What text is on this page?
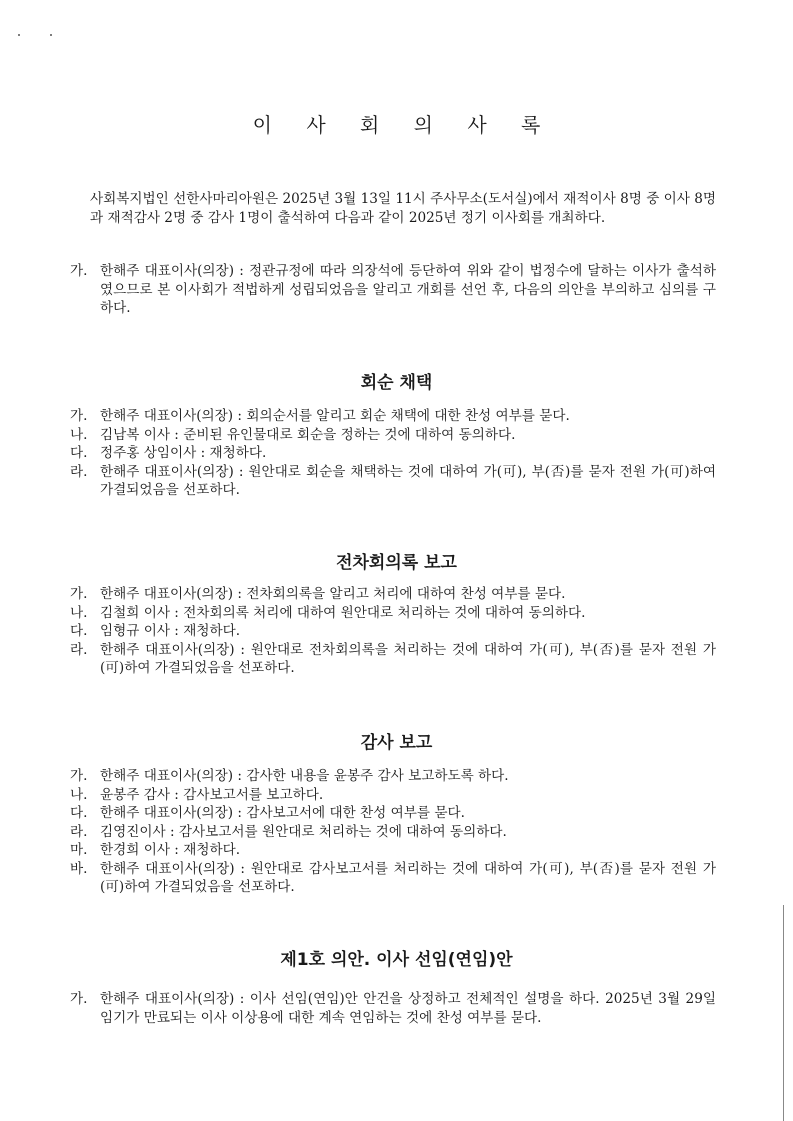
이 사 회 의 사 록

사회복지법인 선한사마리아원은 2025년 3월 13일 11시 주사무소(도서실)에서 재적이사 8명 중 이사 8명과 재적감사 2명 중 감사 1명이 출석하여 다음과 같이 2025년 정기 이사회를 개최하다.

가. 한해주 대표이사(의장) : 정관규정에 따라 의장석에 등단하여 위와 같이 법정수에 달하는 이사가 출석하였으므로 본 이사회가 적법하게 성립되었음을 알리고 개회를 선언 후, 다음의 의안을 부의하고 심의를 구하다.
회순 채택
가. 한해주 대표이사(의장) : 회의순서를 알리고 회순 채택에 대한 찬성 여부를 묻다.
나. 김남복 이사 : 준비된 유인물대로 회순을 정하는 것에 대하여 동의하다.
다. 정주홍 상임이사 : 재청하다.
라. 한해주 대표이사(의장) : 원안대로 회순을 채택하는 것에 대하여 가(可), 부(否)를 묻자 전원 가(可)하여 가결되었음을 선포하다.
전차회의록 보고
가. 한해주 대표이사(의장) : 전차회의록을 알리고 처리에 대하여 찬성 여부를 묻다.
나. 김철희 이사 : 전차회의록 처리에 대하여 원안대로 처리하는 것에 대하여 동의하다.
다. 임형규 이사 : 재청하다.
라. 한해주 대표이사(의장) : 원안대로 전차회의록을 처리하는 것에 대하여 가(可), 부(否)를 묻자 전원 가(可)하여 가결되었음을 선포하다.
감사 보고
가. 한해주 대표이사(의장) : 감사한 내용을 윤봉주 감사 보고하도록 하다.
나. 윤봉주 감사 : 감사보고서를 보고하다.
다. 한해주 대표이사(의장) : 감사보고서에 대한 찬성 여부를 묻다.
라. 김영진이사 : 감사보고서를 원안대로 처리하는 것에 대하여 동의하다.
마. 한경희 이사 : 재청하다.
바. 한해주 대표이사(의장) : 원안대로 감사보고서를 처리하는 것에 대하여 가(可), 부(否)를 묻자 전원 가(可)하여 가결되었음을 선포하다.
제1호 의안. 이사 선임(연임)안
가. 한해주 대표이사(의장) : 이사 선임(연임)안 안건을 상정하고 전체적인 설명을 하다. 2025년 3월 29일 임기가 만료되는 이사 이상용에 대한 계속 연임하는 것에 찬성 여부를 묻다.
